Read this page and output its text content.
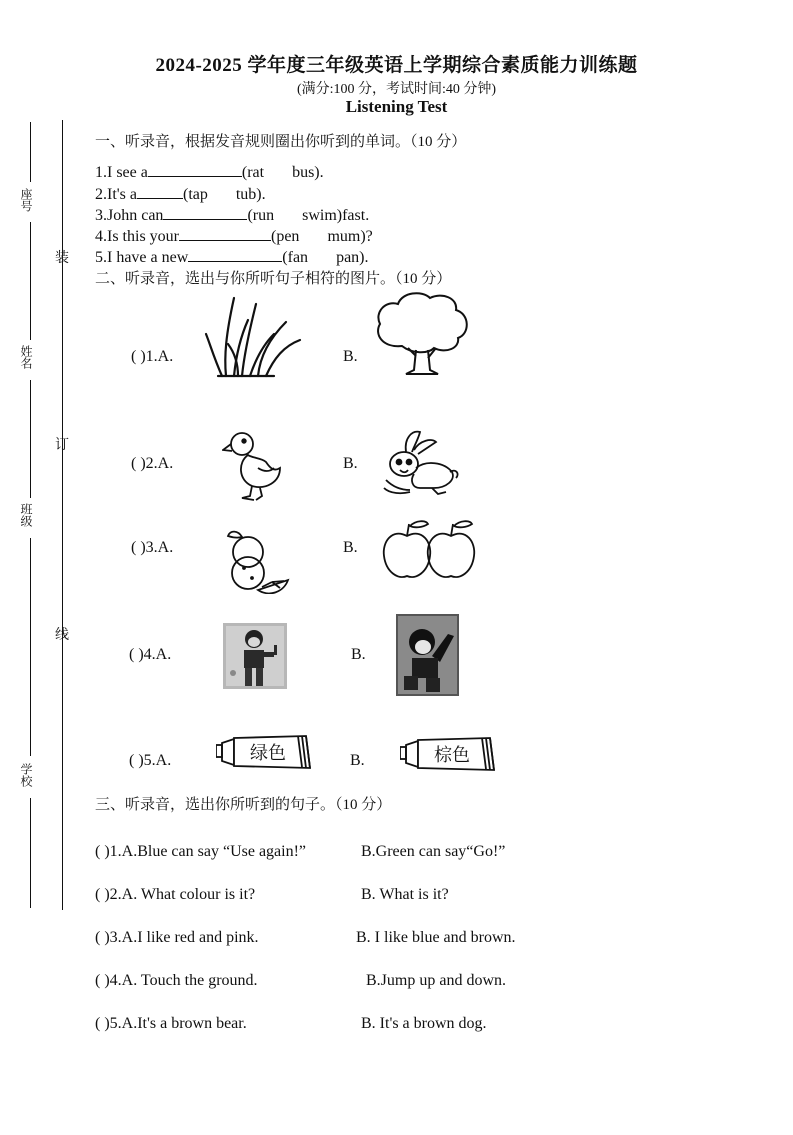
座号
姓名
班级
学校
装
订
线
2024-2025 学年度三年级英语上学期综合素质能力训练题
(满分:100 分，考试时间:40 分钟)
Listening Test
一、听录音，根据发音规则圈出你听到的单词。（10 分）
1.I see a	(rat bus).
2.It's a	(tap tub).
3.John can	(run swim)fast.
4.Is this your	(pen mum)?
5.I have a new	(fan pan).
二、听录音，选出与你所听句子相符的图片。（10 分）
( )1.A.	B.
( )2.A.	B.
( )3.A.	B.
( )4.A.	B.
( )5.A.	绿色	B.	棕色
三、听录音，选出你所听到的句子。（10 分）
( )1.A.Blue can say “Use again!”	B.Green can say“Go!”
( )2.A. What colour is it?	B. What is it?
( )3.A.I like red and pink.	B. I like blue and brown.
( )4.A. Touch the ground.	B.Jump up and down.
( )5.A.It's a brown bear.	B. It's a brown dog.
